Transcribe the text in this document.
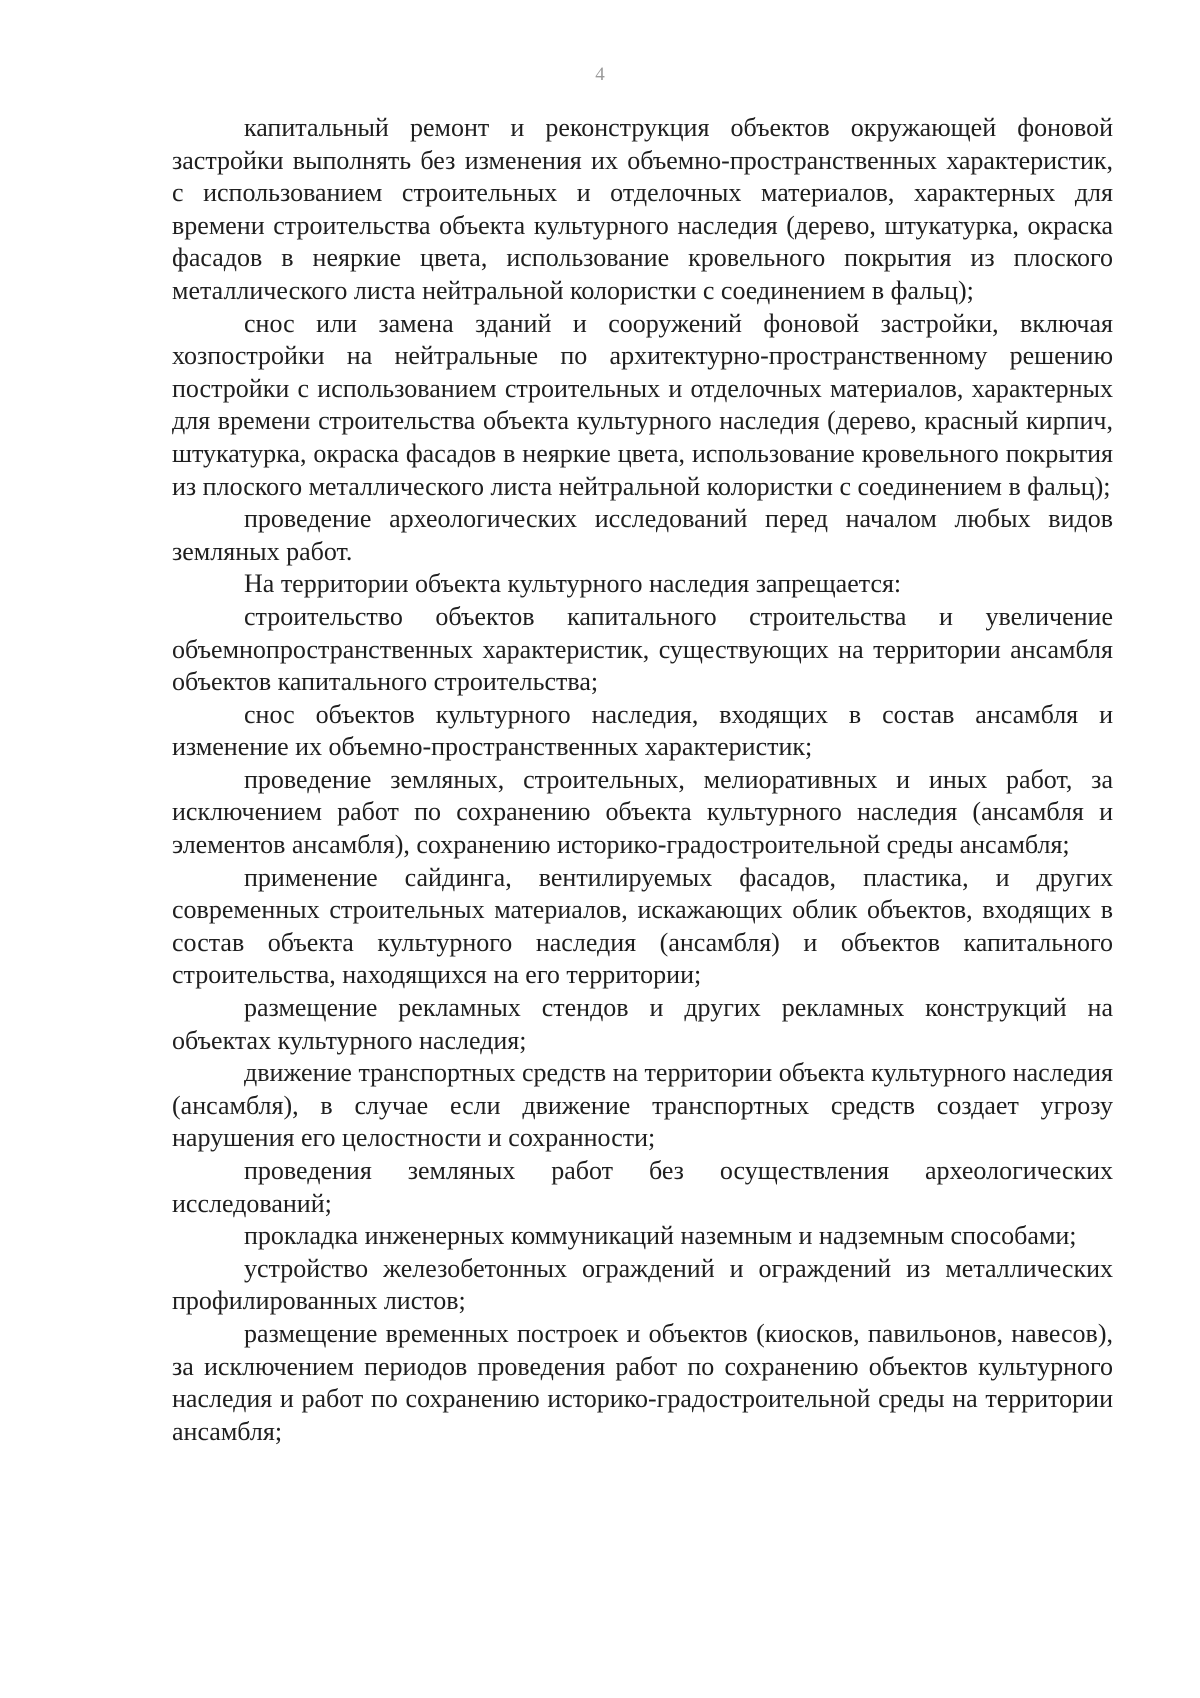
4

капитальный ремонт и реконструкция объектов окружающей фоновой застройки выполнять без изменения их объемно-пространственных характеристик, с использованием строительных и отделочных материалов, характерных для времени строительства объекта культурного наследия (дерево, штукатурка, окраска фасадов в неяркие цвета, использование кровельного покрытия из плоского металлического листа нейтральной колористки с соединением в фальц);

снос или замена зданий и сооружений фоновой застройки, включая хозпостройки на нейтральные по архитектурно-пространственному решению постройки с использованием строительных и отделочных материалов, характерных для времени строительства объекта культурного наследия (дерево, красный кирпич, штукатурка, окраска фасадов в неяркие цвета, использование кровельного покрытия из плоского металлического листа нейтральной колористки с соединением в фальц);

проведение археологических исследований перед началом любых видов земляных работ.

На территории объекта культурного наследия запрещается:

строительство объектов капитального строительства и увеличение объемнопространственных характеристик, существующих на территории ансамбля объектов капитального строительства;

снос объектов культурного наследия, входящих в состав ансамбля и изменение их объемно-пространственных характеристик;

проведение земляных, строительных, мелиоративных и иных работ, за исключением работ по сохранению объекта культурного наследия (ансамбля и элементов ансамбля), сохранению историко-градостроительной среды ансамбля;

применение сайдинга, вентилируемых фасадов, пластика, и других современных строительных материалов, искажающих облик объектов, входящих в состав объекта культурного наследия (ансамбля) и объектов капитального строительства, находящихся на его территории;

размещение рекламных стендов и других рекламных конструкций на объектах культурного наследия;

движение транспортных средств на территории объекта культурного наследия (ансамбля), в случае если движение транспортных средств создает угрозу нарушения его целостности и сохранности;

проведения земляных работ без осуществления археологических исследований;

прокладка инженерных коммуникаций наземным и надземным способами;

устройство железобетонных ограждений и ограждений из металлических профилированных листов;

размещение временных построек и объектов (киосков, павильонов, навесов), за исключением периодов проведения работ по сохранению объектов культурного наследия и работ по сохранению историко-градостроительной среды на территории ансамбля;
